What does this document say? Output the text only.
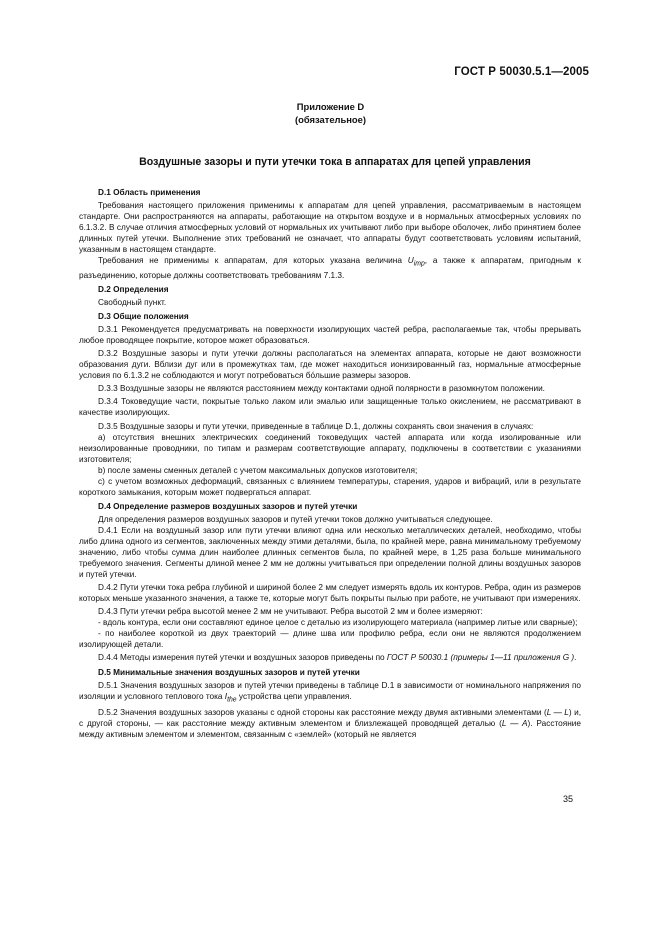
ГОСТ Р 50030.5.1—2005
Приложение D
(обязательное)
Воздушные зазоры и пути утечки тока в аппаратах для цепей управления
D.1 Область применения

Требования настоящего приложения применимы к аппаратам для цепей управления, рассматриваемым в настоящем стандарте. Они распространяются на аппараты, работающие на открытом воздухе и в нормальных атмосферных условиях по 6.1.3.2. В случае отличия атмосферных условий от нормальных их учитывают либо при выборе оболочек, либо принятием более длинных путей утечки. Выполнение этих требований не означает, что аппараты будут соответствовать условиям испытаний, указанным в настоящем стандарте.

Требования не применимы к аппаратам, для которых указана величина $U_{imp}$, а также к аппаратам, пригодным к разъединению, которые должны соответствовать требованиям 7.1.3.

D.2 Определения

Свободный пункт.

D.3 Общие положения

D.3.1 Рекомендуется предусматривать на поверхности изолирующих частей ребра, располагаемые так, чтобы прерывать любое проводящее покрытие, которое может образоваться.

D.3.2 Воздушные зазоры и пути утечки должны располагаться на элементах аппарата, которые не дают возможности образования дуги. Вблизи дуг или в промежутках там, где может находиться ионизированный газ, нормальные атмосферные условия по 6.1.3.2 не соблюдаются и могут потребоваться бо́льшие размеры зазоров.

D.3.3 Воздушные зазоры не являются расстоянием между контактами одной полярности в разомкнутом положении.

D.3.4 Токоведущие части, покрытые только лаком или эмалью или защищенные только окислением, не рассматривают в качестве изолирующих.

D.3.5 Воздушные зазоры и пути утечки, приведенные в таблице D.1, должны сохранять свои значения в случаях:

а) отсутствия внешних электрических соединений токоведущих частей аппарата или когда изолированные или неизолированные проводники, по типам и размерам соответствующие аппарату, подключены в соответствии с указаниями изготовителя;

b) после замены сменных деталей с учетом максимальных допусков изготовителя;

c) с учетом возможных деформаций, связанных с влиянием температуры, старения, ударов и вибраций, или в результате короткого замыкания, которым может подвергаться аппарат.

D.4 Определение размеров воздушных зазоров и путей утечки

Для определения размеров воздушных зазоров и путей утечки токов должно учитываться следующее.

D.4.1 Если на воздушный зазор или пути утечки влияют одна или несколько металлических деталей, необходимо, чтобы либо длина одного из сегментов, заключенных между этими деталями, была, по крайней мере, равна минимальному требуемому значению, либо чтобы сумма длин наиболее длинных сегментов была, по крайней мере, в 1,25 раза больше минимального требуемого значения. Сегменты длиной менее 2 мм не должны учитываться при определении полной длины воздушных зазоров и путей утечки.

D.4.2 Пути утечки тока ребра глубиной и шириной более 2 мм следует измерять вдоль их контуров. Ребра, один из размеров которых меньше указанного значения, а также те, которые могут быть покрыты пылью при работе, не учитывают при измерениях.

D.4.3 Пути утечки ребра высотой менее 2 мм не учитывают. Ребра высотой 2 мм и более измеряют:

- вдоль контура, если они составляют единое целое с деталью из изолирующего материала (например литые или сварные);

- по наиболее короткой из двух траекторий — длине шва или профилю ребра, если они не являются продолжением изолирующей детали.

D.4.4 Методы измерения путей утечки и воздушных зазоров приведены по ГОСТ Р 50030.1 (примеры 1—11 приложения G ).

D.5 Минимальные значения воздушных зазоров и путей утечки

D.5.1 Значения воздушных зазоров и путей утечки приведены в таблице D.1 в зависимости от номинального напряжения по изоляции и условного теплового тока $I_{the}$ устройства цепи управления.

D.5.2 Значения воздушных зазоров указаны с одной стороны как расстояние между двумя активными элементами (L — L) и, с другой стороны, — как расстояние между активным элементом и близлежащей проводящей деталью (L — A). Расстояние между активным элементом и элементом, связанным с «землей» (который не является

35
